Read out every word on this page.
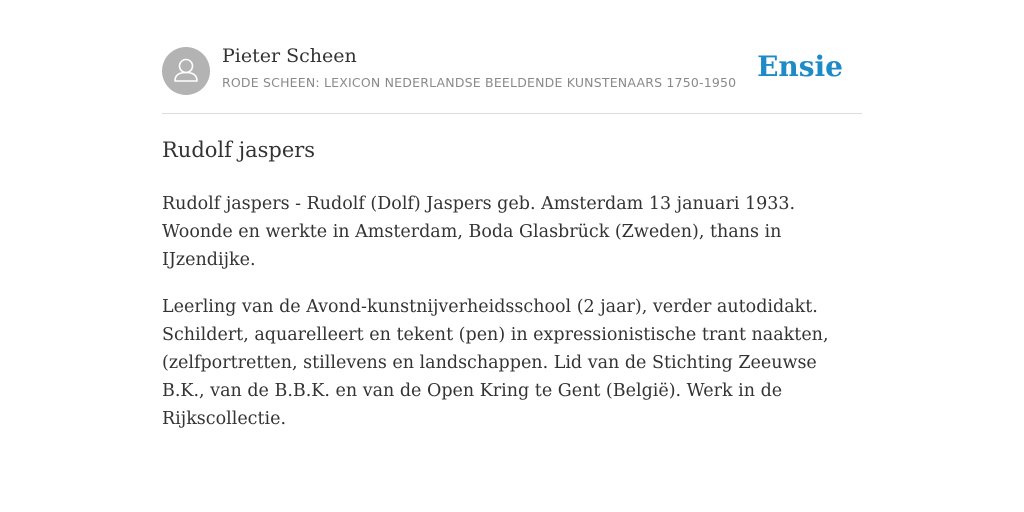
Pieter Scheen
RODE SCHEEN: LEXICON NEDERLANDSE BEELDENDE KUNSTENAARS 1750-1950 Ensie
Rudolf jaspers

Rudolf jaspers - Rudolf (Dolf) Jaspers geb. Amsterdam 13 januari 1933. Woonde en werkte in Amsterdam, Boda Glasbrück (Zweden), thans in IJzendijke.

Leerling van de Avond-kunstnijverheidsschool (2 jaar), verder autodidakt. Schildert, aquarelleert en tekent (pen) in expressionistische trant naakten, (zelfportretten, stillevens en landschappen. Lid van de Stichting Zeeuwse B.K., van de B.B.K. en van de Open Kring te Gent (België). Werk in de Rijkscollectie.
